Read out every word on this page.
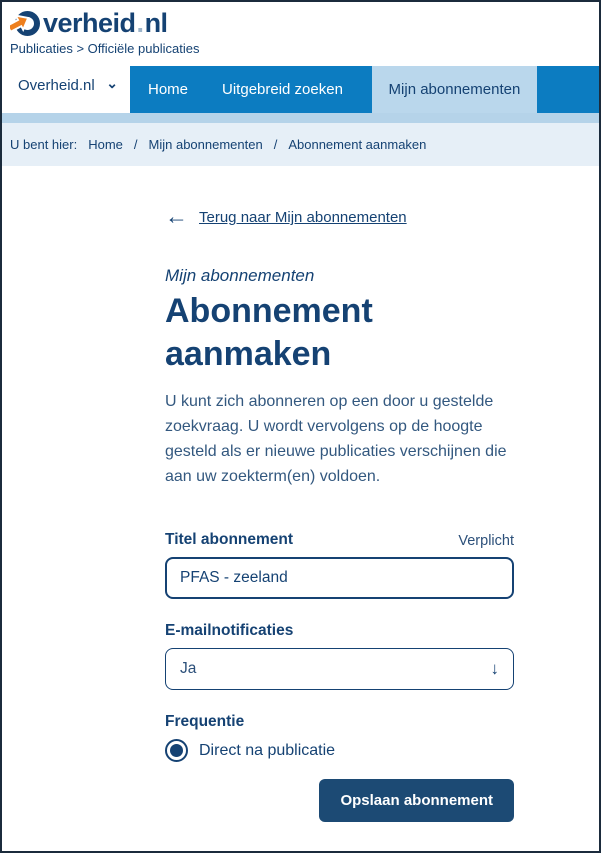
verheid.nl
Publicaties > Officiële publicaties
Overheid.nl ⌄	Home	Uitgebreid zoeken	Mijn abonnementen
U bent hier: Home / Mijn abonnementen / Abonnement aanmaken
← Terug naar Mijn abonnementen
Mijn abonnementen
Abonnement aanmaken

U kunt zich abonneren op een door u gestelde zoekvraag. U wordt vervolgens op de hoogte gesteld als er nieuwe publicaties verschijnen die aan uw zoekterm(en) voldoen.

Titel abonnement	Verplicht
PFAS - zeeland
E-mailnotificaties
Ja	↓
Frequentie
Direct na publicatie
Opslaan abonnement
